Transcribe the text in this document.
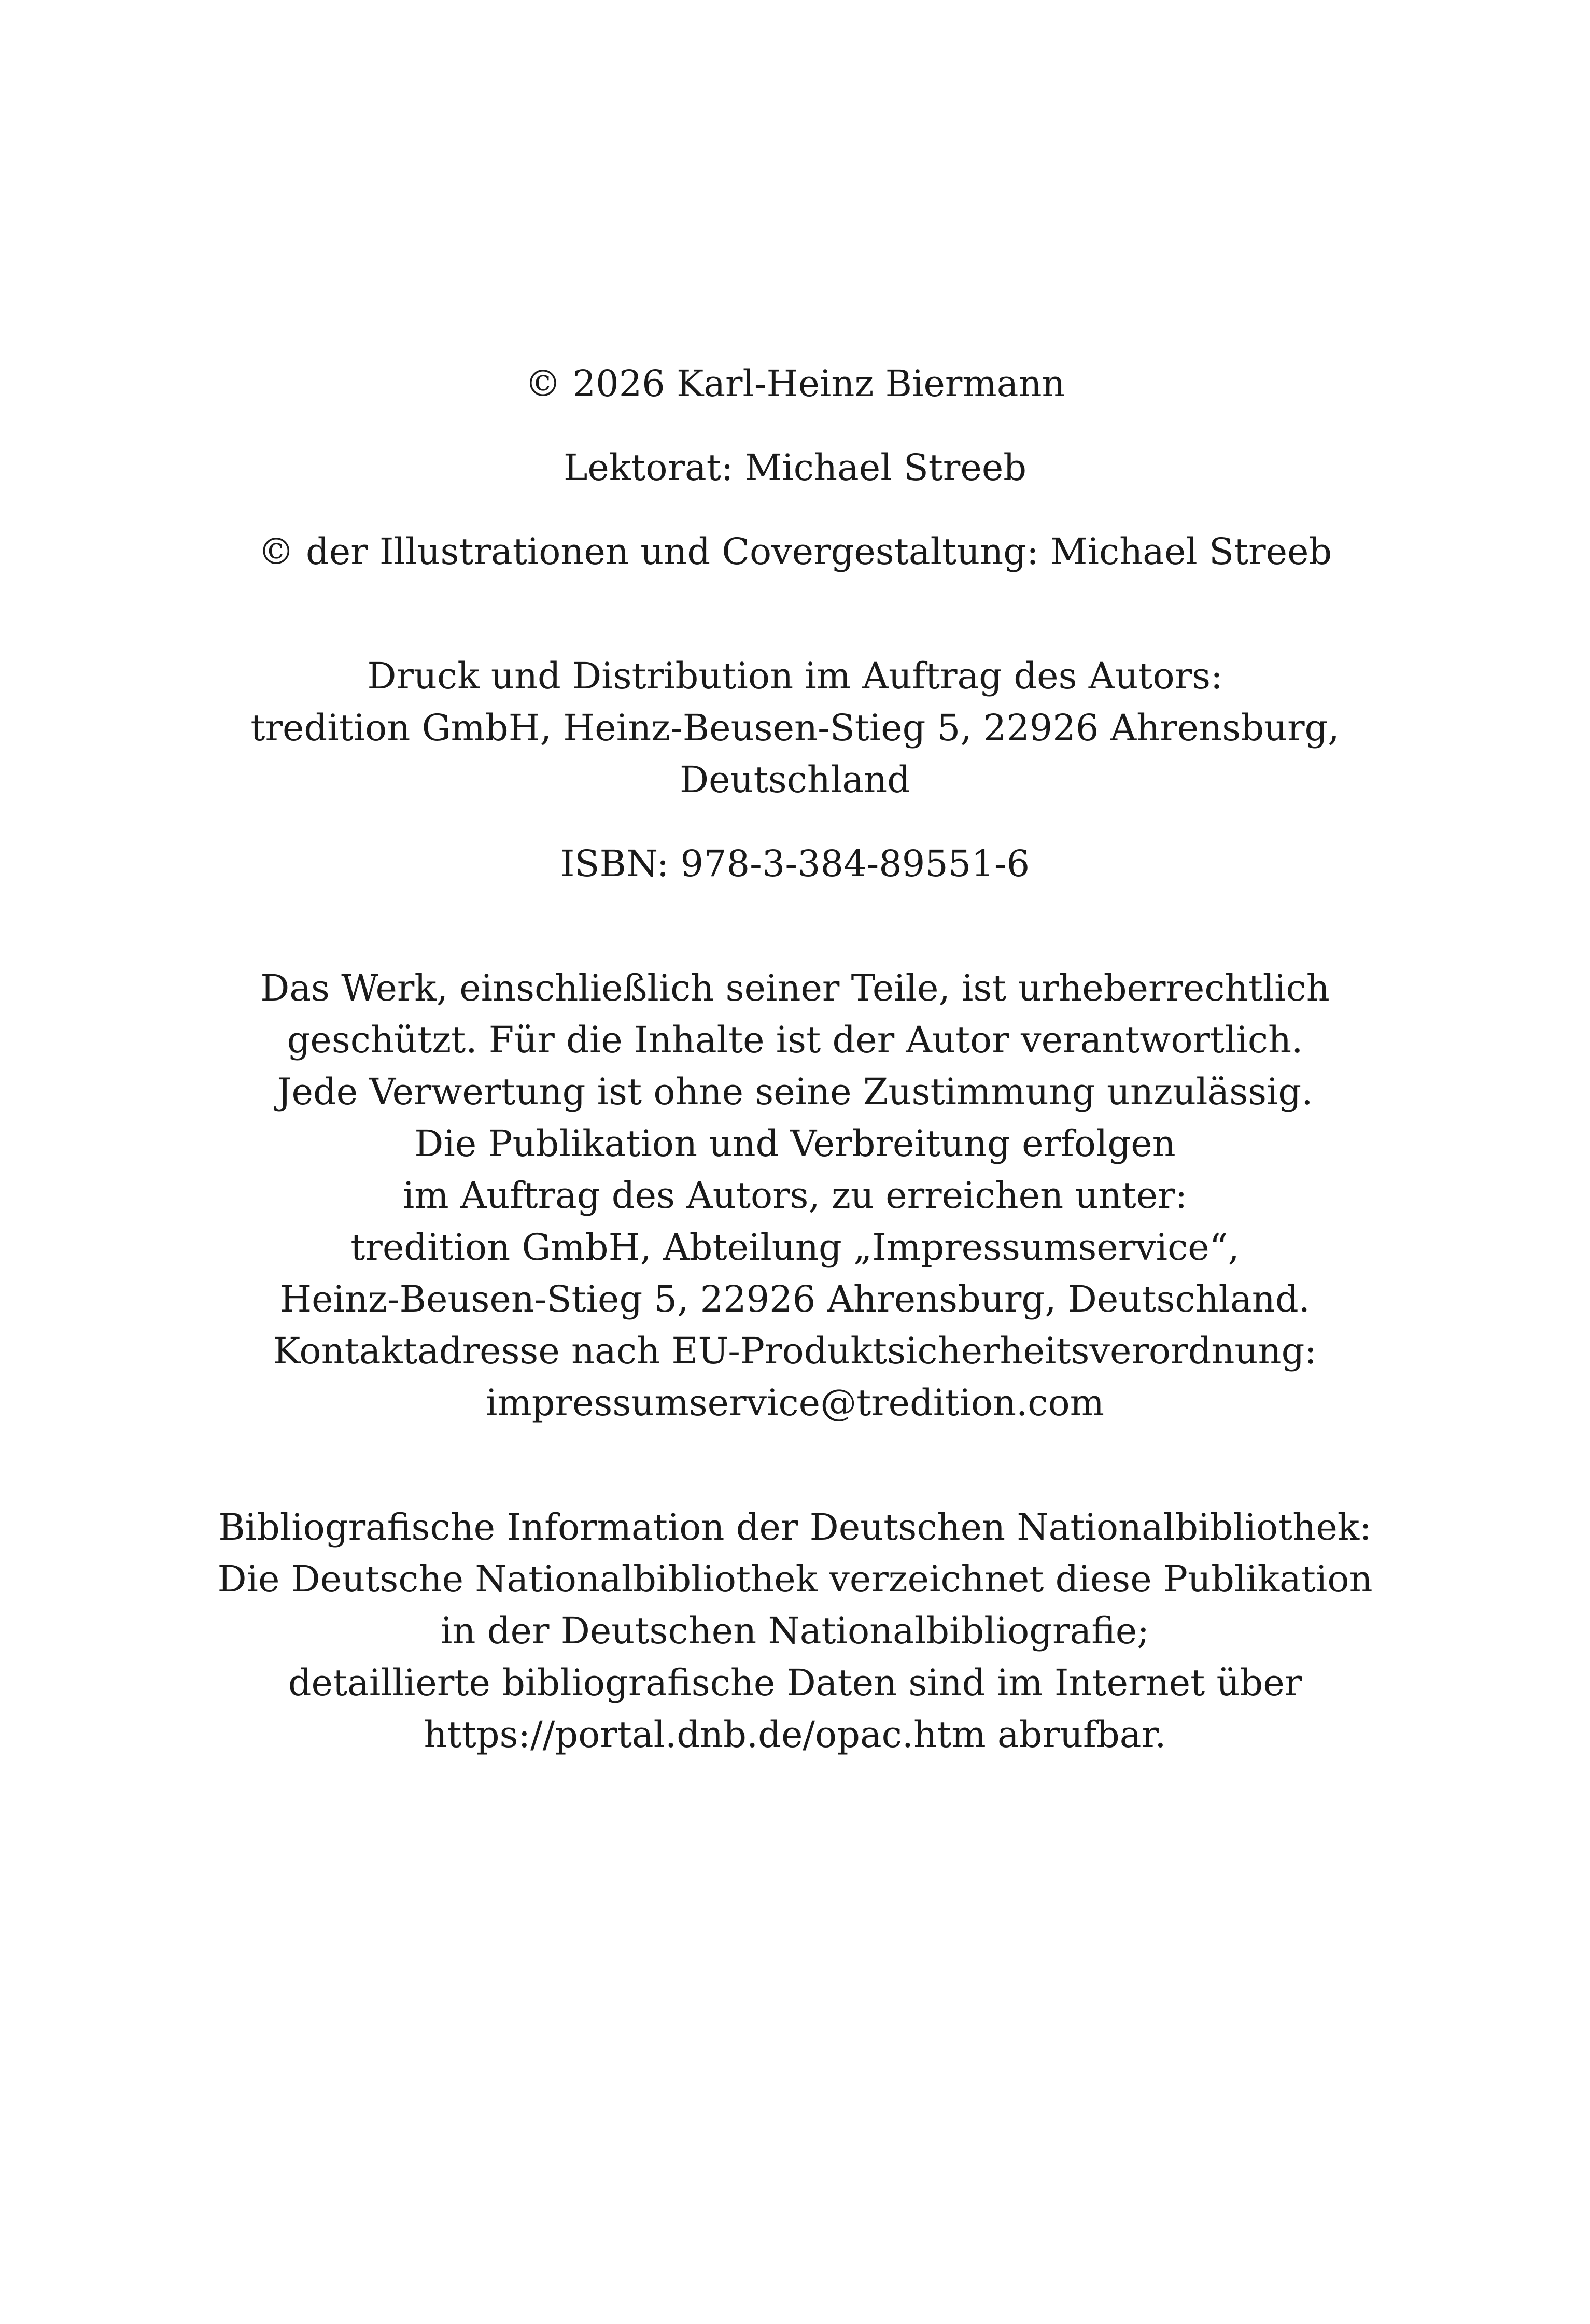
© 2026 Karl-Heinz Biermann

Lektorat: Michael Streeb

© der Illustrationen und Covergestaltung: Michael Streeb

Druck und Distribution im Auftrag des Autors:
tredition GmbH, Heinz-Beusen-Stieg 5, 22926 Ahrensburg,
Deutschland

ISBN: 978-3-384-89551-6

Das Werk, einschließlich seiner Teile, ist urheberrechtlich
geschützt. Für die Inhalte ist der Autor verantwortlich.
Jede Verwertung ist ohne seine Zustimmung unzulässig.
Die Publikation und Verbreitung erfolgen
im Auftrag des Autors, zu erreichen unter:
tredition GmbH, Abteilung „Impressumservice“,
Heinz-Beusen-Stieg 5, 22926 Ahrensburg, Deutschland.
Kontaktadresse nach EU-Produktsicherheitsverordnung:
impressumservice@tredition.com

Bibliografische Information der Deutschen Nationalbibliothek:
Die Deutsche Nationalbibliothek verzeichnet diese Publikation
in der Deutschen Nationalbibliografie;
detaillierte bibliografische Daten sind im Internet über
https://portal.dnb.de/opac.htm abrufbar.
